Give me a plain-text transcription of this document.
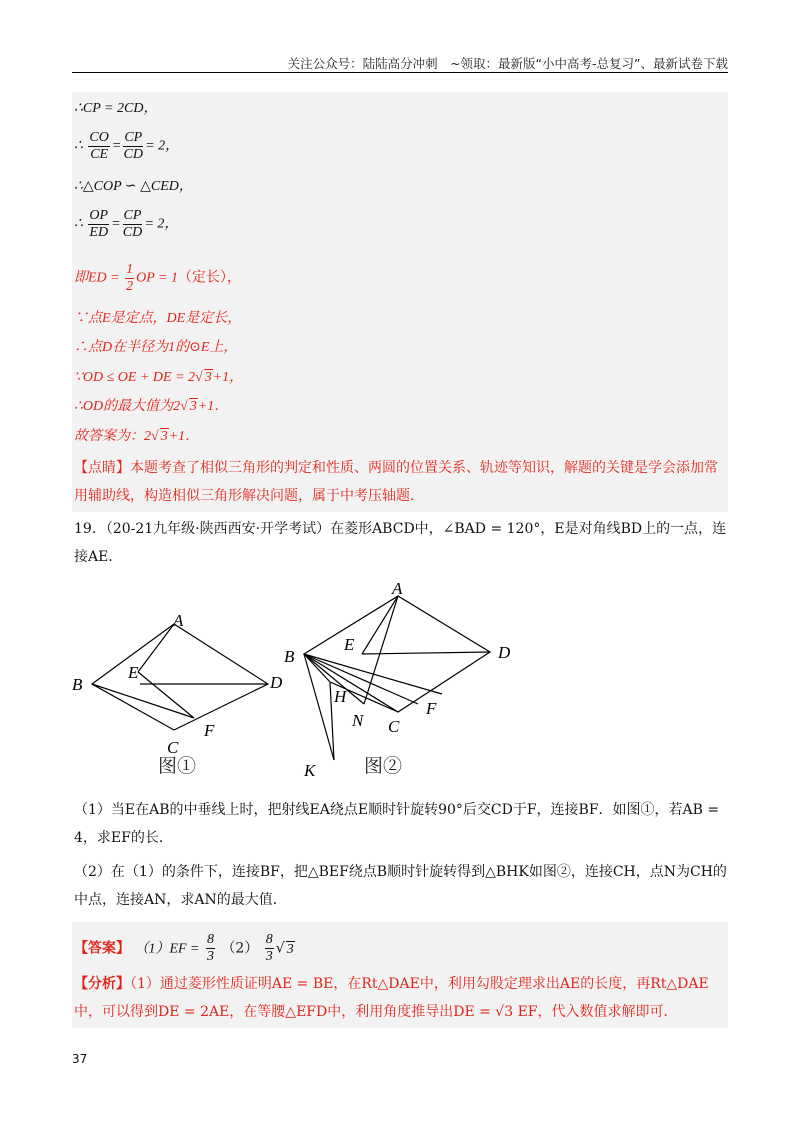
关注公众号：陆陆高分冲刺　~领取：最新版“小中高考-总复习”、最新试卷下载
∴CP = 2CD，
∴ $\frac{CO}{CE} = \frac{CP}{CD} = 2$，
∴△COP ∽ △CED，
∴ $\frac{OP}{ED} = \frac{CP}{CD} = 2$，
即ED = $\frac{1}{2}$ OP = 1（定长），
∵点E是定点，DE是定长，
∴点D在半径为1的⊙E上，
∵OD ≤ OE + DE = 2√ 3+1，
∴OD的最大值为2√ 3+1．
故答案为：2√ 3+1．
【点睛】本题考查了相似三角形的判定和性质、两圆的位置关系、轨迹等知识，解题的关键是学会添加常用辅助线，构造相似三角形解决问题，属于中考压轴题．
19．（20-21九年级·陕西西安·开学考试）在菱形ABCD中，∠BAD = 120°，E是对角线BD上的一点，连接AE．
A
B
C
D
E
F
图①
A
B
C
D
E
F
H
N
K	图②
（1）当E在AB的中垂线上时，把射线EA绕点E顺时针旋转90°后交CD于F，连接BF．如图①，若AB = 4，求EF的长．
（2）在（1）的条件下，连接BF，把△BEF绕点B顺时针旋转得到△BHK如图②，连接CH，点N为CH的中点，连接AN，求AN的最大值．
【答案】 $(1)EF = \frac{8}{3} (2) \frac{8}{3}$ √ 3
【分析】（1）通过菱形性质证明AE = BE，在Rt△DAE中，利用勾股定理求出AE的长度，再Rt△DAE中，可以得到DE = 2AE，在等腰△EFD中，利用角度推导出DE = √3 EF，代入数值求解即可．
37
